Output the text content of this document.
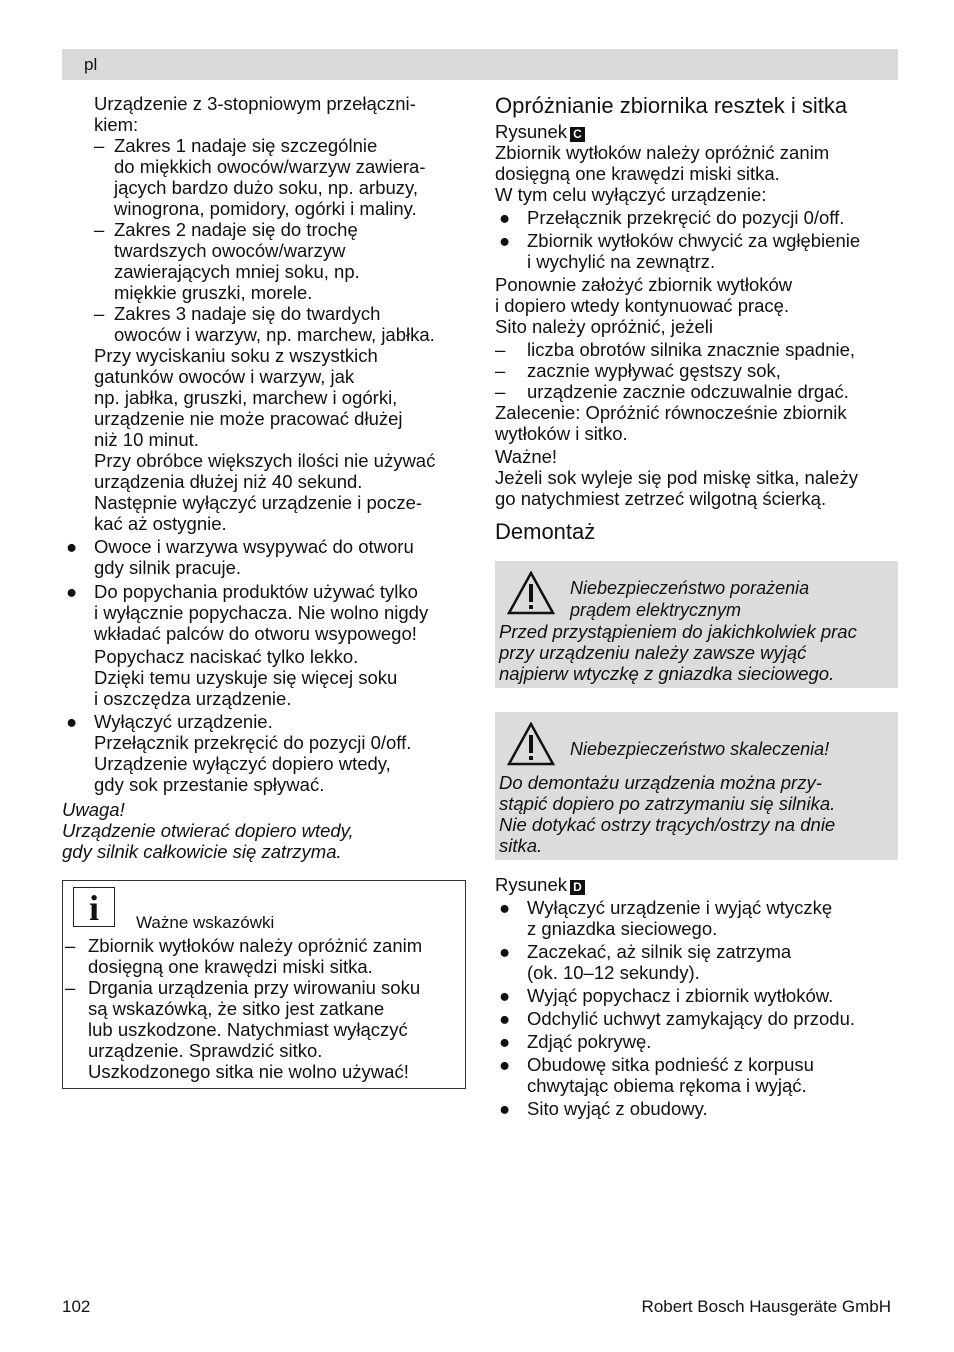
pl

Urządzenie z 3-stopniowym przełączni-

kiem:

– Zakres 1 nadaje się szczególnie

do miękkich owoców/warzyw zawiera-

jących bardzo dużo soku, np. arbuzy,

winogrona, pomidory, ogórki i maliny.

– Zakres 2 nadaje się do trochę

twardszych owoców/warzyw

zawierających mniej soku, np.

miękkie gruszki, morele.

– Zakres 3 nadaje się do twardych

owoców i warzyw, np. marchew, jabłka.

Przy wyciskaniu soku z wszystkich

gatunków owoców i warzyw, jak

np. jabłka, gruszki, marchew i ogórki,

urządzenie nie może pracować dłużej

niż 10 minut.

Przy obróbce większych ilości nie używać

urządzenia dłużej niż 40 sekund.

Następnie wyłączyć urządzenie i pocze-

kać aż ostygnie.

● Owoce i warzywa wsypywać do otworu

gdy silnik pracuje.

● Do popychania produktów używać tylko

i wyłącznie popychacza. Nie wolno nigdy

wkładać palców do otworu wsypowego!

Popychacz naciskać tylko lekko.

Dzięki temu uzyskuje się więcej soku

i oszczędza urządzenie.

● Wyłączyć urządzenie.

Przełącznik przekręcić do pozycji 0/off.

Urządzenie wyłączyć dopiero wtedy,

gdy sok przestanie spływać.

Uwaga!

Urządzenie otwierać dopiero wtedy,

gdy silnik całkowicie się zatrzyma.

i	Ważne wskazówki
– Zbiornik wytłoków należy opróżnić zanim

dosięgną one krawędzi miski sitka.

– Drgania urządzenia przy wirowaniu soku

są wskazówką, że sitko jest zatkane

lub uszkodzone. Natychmiast wyłączyć

urządzenie. Sprawdzić sitko.

Uszkodzonego sitka nie wolno używać!

Opróżnianie zbiornika resztek i sitka

Rysunek C

Zbiornik wytłoków należy opróżnić zanim

dosięgną one krawędzi miski sitka.

W tym celu wyłączyć urządzenie:

● Przełącznik przekręcić do pozycji 0/off.

● Zbiornik wytłoków chwycić za wgłębienie

i wychylić na zewnątrz.

Ponownie założyć zbiornik wytłoków

i dopiero wtedy kontynuować pracę.

Sito należy opróżnić, jeżeli

– liczba obrotów silnika znacznie spadnie,

– zacznie wypływać gęstszy sok,

– urządzenie zacznie odczuwalnie drgać.

Zalecenie: Opróżnić równocześnie zbiornik

wytłoków i sitko.

Ważne!

Jeżeli sok wyleje się pod miskę sitka, należy

go natychmiest zetrzeć wilgotną ścierką.

Demontaż

Niebezpieczeństwo porażenia

prądem elektrycznym

Przed przystąpieniem do jakichkolwiek prac

przy urządzeniu należy zawsze wyjąć

najpierw wtyczkę z gniazdka sieciowego.

Niebezpieczeństwo skaleczenia!

Do demontażu urządzenia można przy-

stąpić dopiero po zatrzymaniu się silnika.

Nie dotykać ostrzy trących/ostrzy na dnie

sitka.

Rysunek D

● Wyłączyć urządzenie i wyjąć wtyczkę

z gniazdka sieciowego.

● Zaczekać, aż silnik się zatrzyma

(ok. 10–12 sekundy).

● Wyjąć popychacz i zbiornik wytłoków.

● Odchylić uchwyt zamykający do przodu.

● Zdjąć pokrywę.

● Obudowę sitka podnieść z korpusu

chwytając obiema rękoma i wyjąć.

● Sito wyjąć z obudowy.

102	Robert Bosch Hausgeräte GmbH
